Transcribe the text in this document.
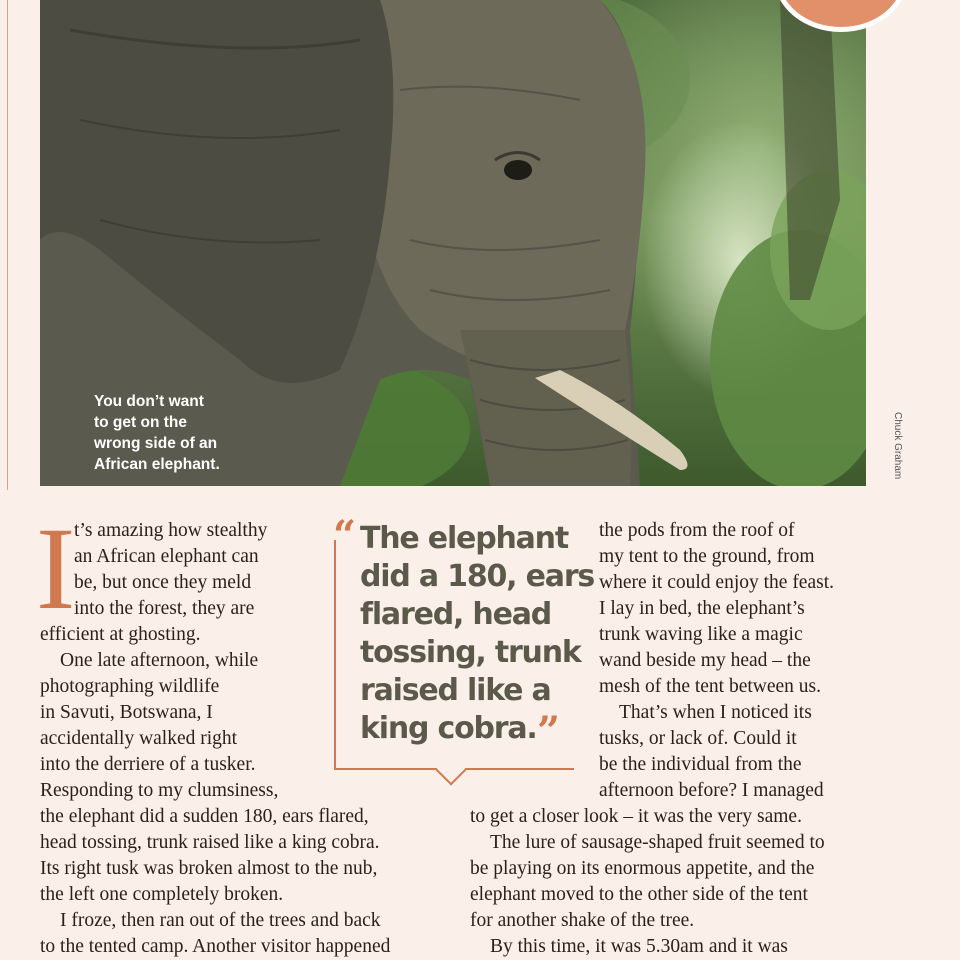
You don’t want
to get on the
wrong side of an
African elephant.	Chuck Graham
I
t’s amazing how stealthy
an African elephant can
be, but once they meld
into the forest, they are
efficient at ghosting.
One late afternoon, while
photographing wildlife
in Savuti, Botswana, I
accidentally walked right
into the derriere of a tusker.
Responding to my clumsiness,
the elephant did a sudden 180, ears flared,
head tossing, trunk raised like a king cobra.
Its right tusk was broken almost to the nub,
the left one completely broken.
I froze, then ran out of the trees and back
to the tented camp. Another visitor happened
“ The elephant
did a 180, ears
flared, head
tossing, trunk
raised like a
king cobra. ”
the pods from the roof of
my tent to the ground, from
where it could enjoy the feast.
I lay in bed, the elephant’s
trunk waving like a magic
wand beside my head – the
mesh of the tent between us.
That’s when I noticed its
tusks, or lack of. Could it
be the individual from the
afternoon before? I managed
to get a closer look – it was the very same.
The lure of sausage-shaped fruit seemed to
be playing on its enormous appetite, and the
elephant moved to the other side of the tent
for another shake of the tree.
By this time, it was 5.30am and it was
